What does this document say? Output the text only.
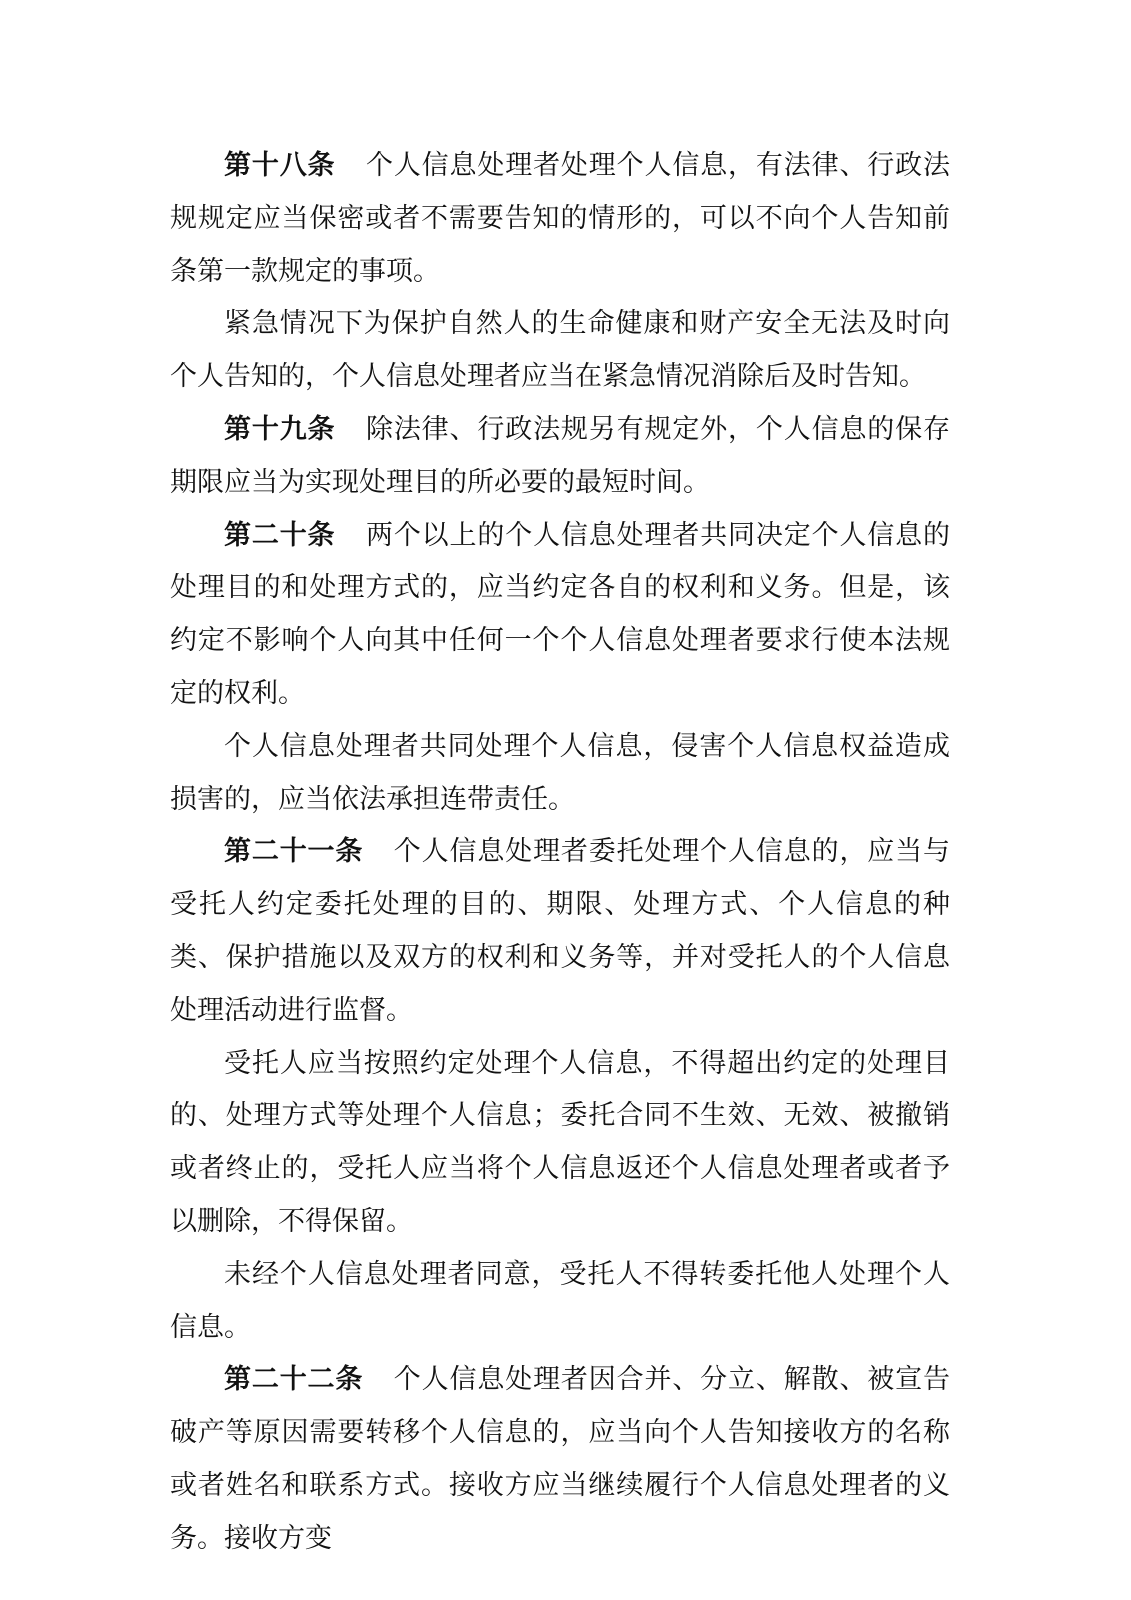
第十八条 个人信息处理者处理个人信息，有法律、行政法规规定应当保密或者不需要告知的情形的，可以不向个人告知前条第一款规定的事项。

紧急情况下为保护自然人的生命健康和财产安全无法及时向个人告知的，个人信息处理者应当在紧急情况消除后及时告知。

第十九条 除法律、行政法规另有规定外，个人信息的保存期限应当为实现处理目的所必要的最短时间。

第二十条 两个以上的个人信息处理者共同决定个人信息的处理目的和处理方式的，应当约定各自的权利和义务。但是，该约定不影响个人向其中任何一个个人信息处理者要求行使本法规定的权利。

个人信息处理者共同处理个人信息，侵害个人信息权益造成损害的，应当依法承担连带责任。

第二十一条 个人信息处理者委托处理个人信息的，应当与受托人约定委托处理的目的、期限、处理方式、个人信息的种类、保护措施以及双方的权利和义务等，并对受托人的个人信息处理活动进行监督。

受托人应当按照约定处理个人信息，不得超出约定的处理目的、处理方式等处理个人信息；委托合同不生效、无效、被撤销或者终止的，受托人应当将个人信息返还个人信息处理者或者予以删除，不得保留。

未经个人信息处理者同意，受托人不得转委托他人处理个人信息。

第二十二条 个人信息处理者因合并、分立、解散、被宣告破产等原因需要转移个人信息的，应当向个人告知接收方的名称或者姓名和联系方式。接收方应当继续履行个人信息处理者的义务。接收方变
